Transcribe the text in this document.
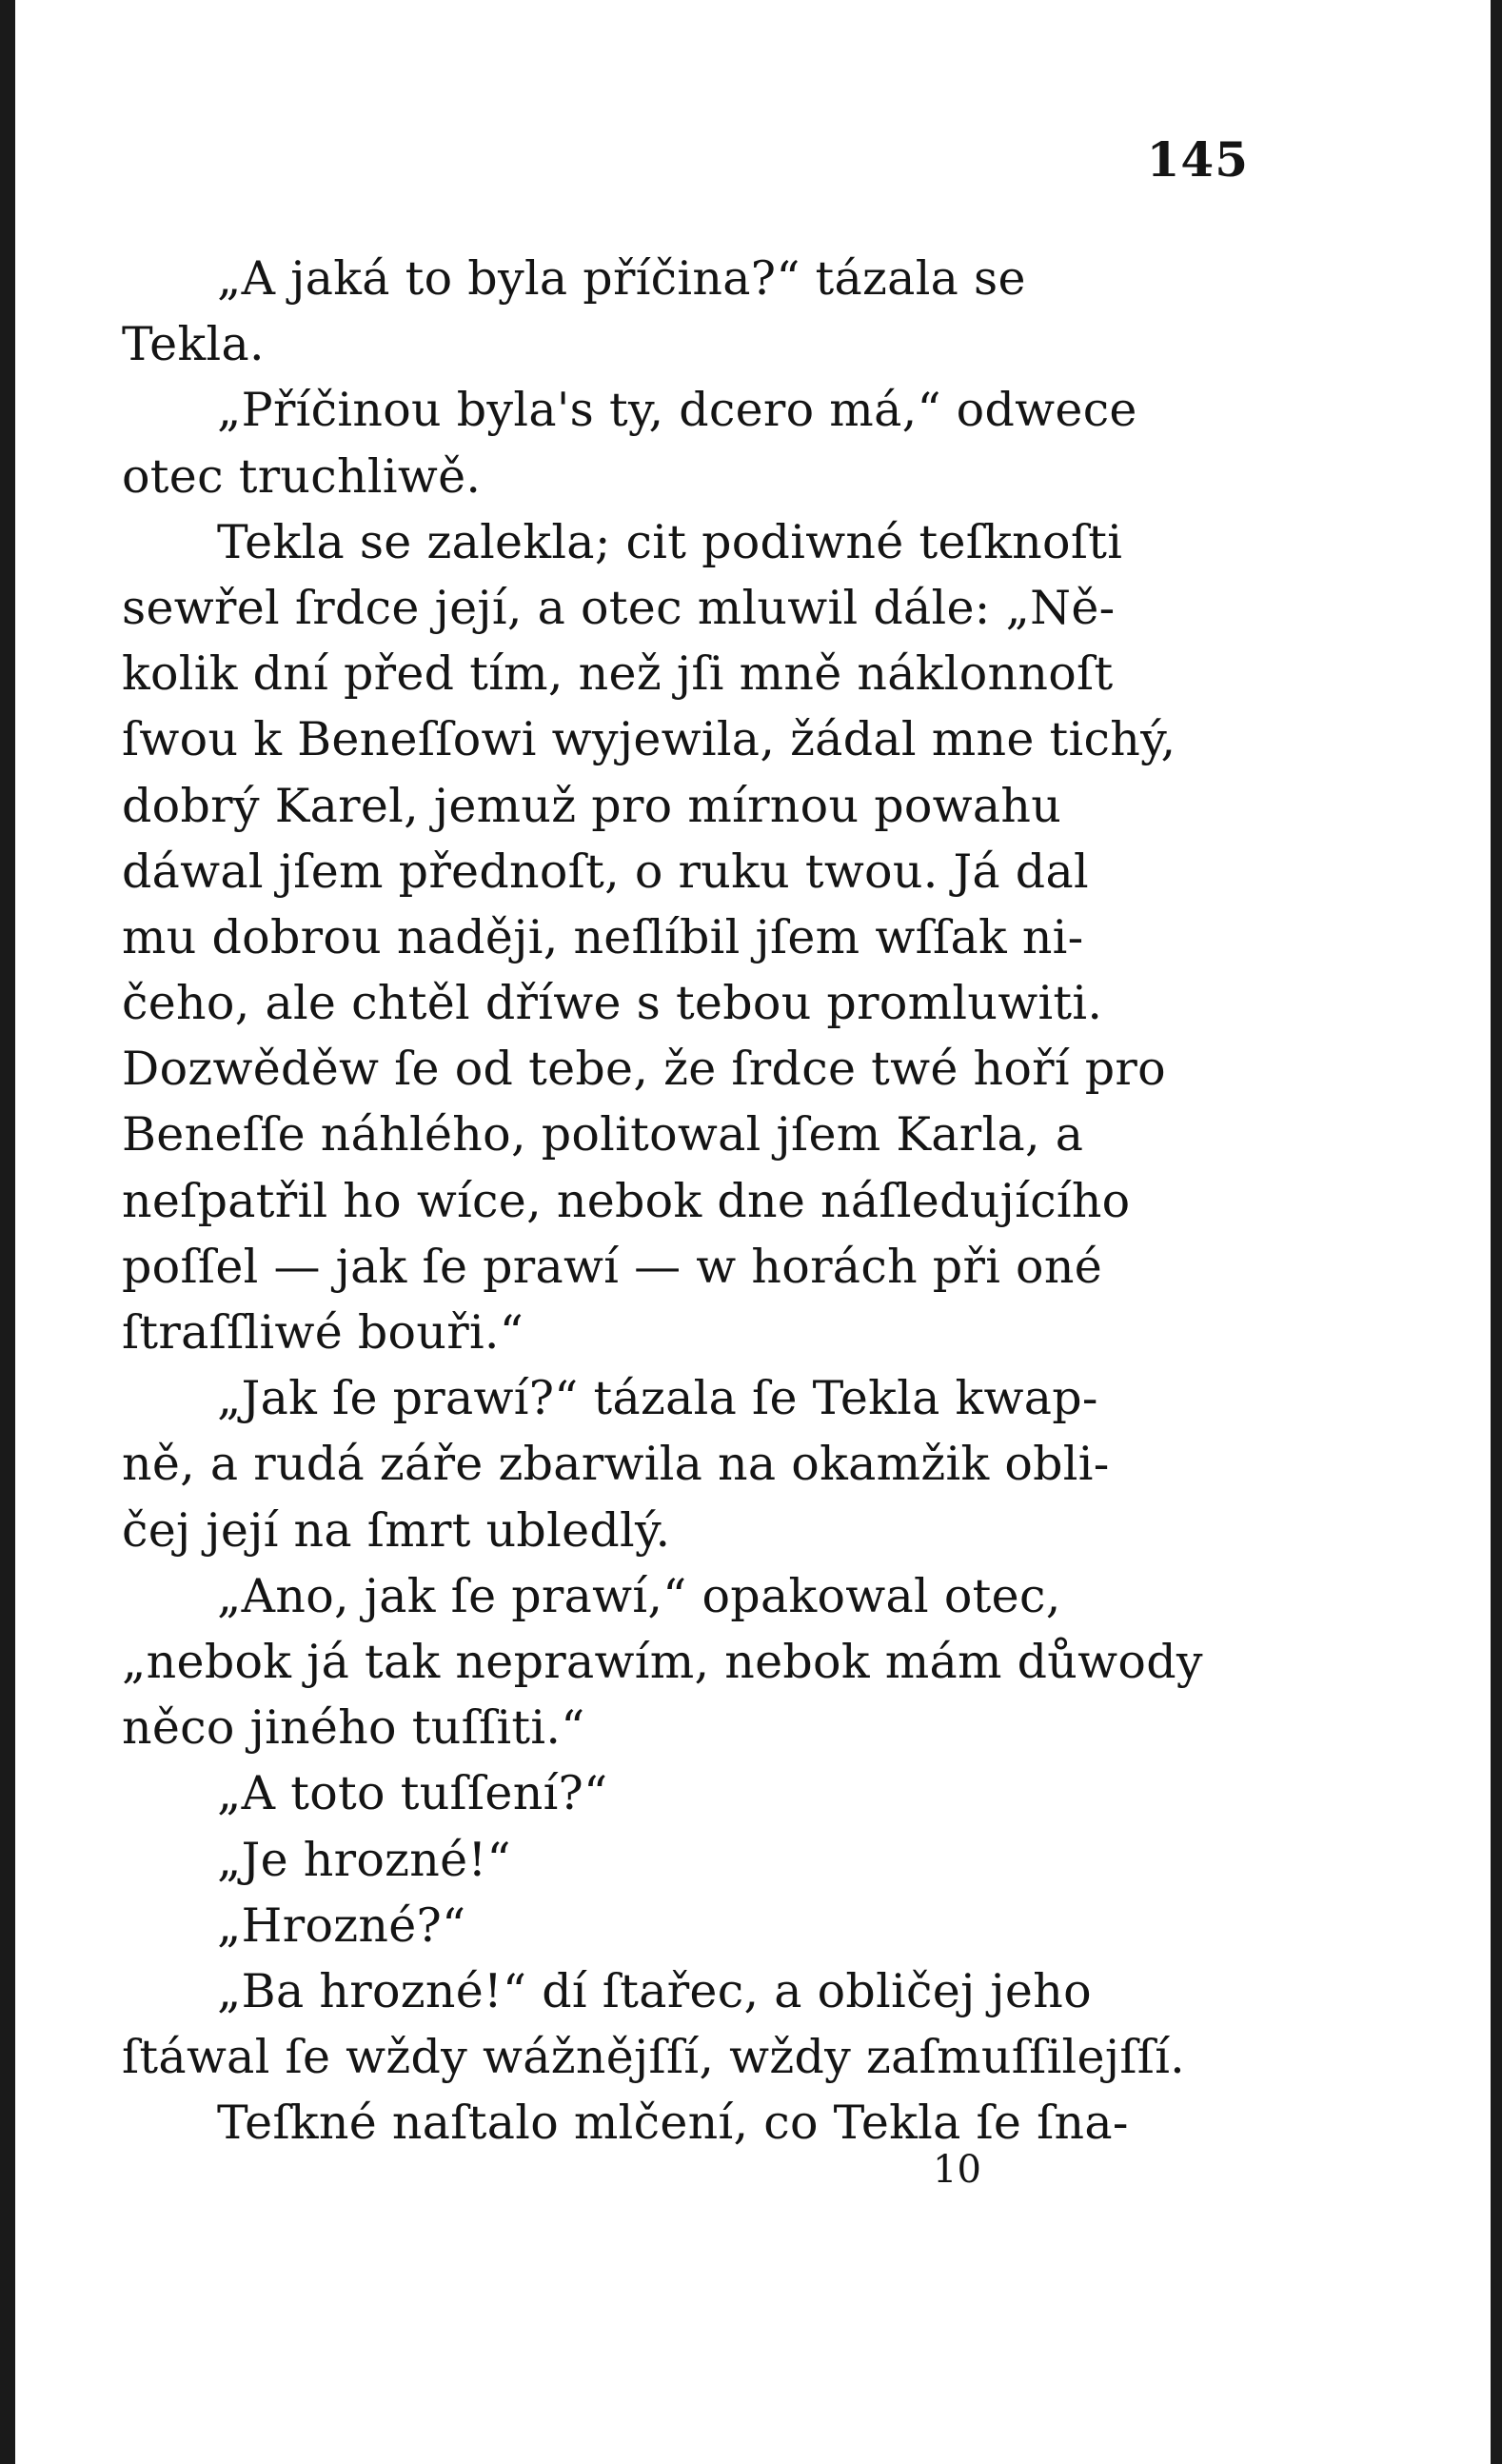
145
„A jaká to byla příčina?“ tázala se
Tekla.
„Příčinou byla's ty, dcero má,“ odwece
otec truchliwě.
Tekla se zalekla; cit podiwné teſknoſti
sewřel ſrdce její, a otec mluwil dále: „Ně-
kolik dní před tím, než jſi mně náklonnoſt
ſwou k Beneſſowi wyjewila, žádal mne tichý,
dobrý Karel, jemuž pro mírnou powahu
dáwal jſem přednoſt, o ruku twou. Já dal
mu dobrou naději, neſlíbil jſem wſſak ni-
čeho, ale chtěl dříwe s tebou promluwiti.
Dozwěděw ſe od tebe, že ſrdce twé hoří pro
Beneſſe náhlého, politowal jſem Karla, a
neſpatřil ho wíce, nebok dne náſledujícího
poſſel — jak ſe prawí — w horách při oné
ſtraſſliwé bouři.“
„Jak ſe prawí?“ tázala ſe Tekla kwap-
ně, a rudá záře zbarwila na okamžik obli-
čej její na ſmrt ubledlý.
„Ano, jak ſe prawí,“ opakowal otec,
„nebok já tak neprawím, nebok mám důwody
něco jiného tuſſiti.“
„A toto tuſſení?“
„Je hrozné!“
„Hrozné?“
„Ba hrozné!“ dí ſtařec, a obličej jeho
ſtáwal ſe wždy wážnějſſí, wždy zaſmuſſilejſſí.
Teſkné naſtalo mlčení, co Tekla ſe ſna-
10
